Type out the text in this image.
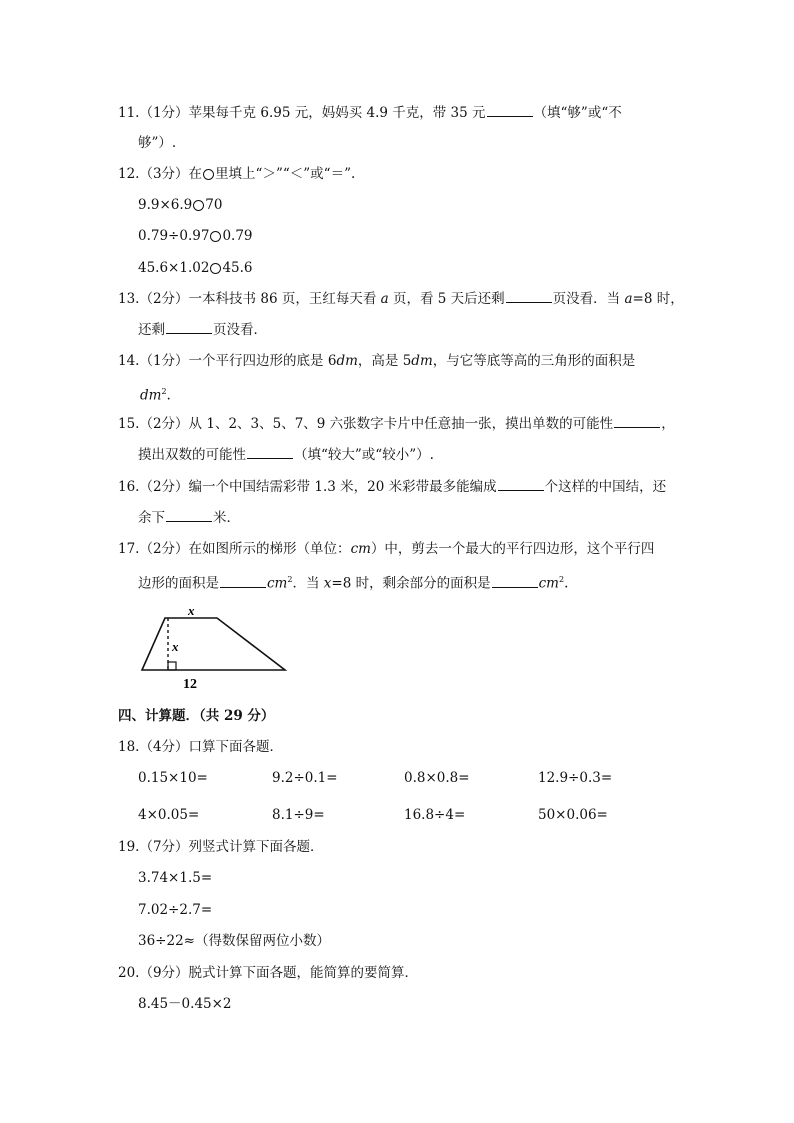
11.（1分）苹果每千克 6.95 元，妈妈买 4.9 千克，带 35 元	（填“够”或“不
够”）.
12.（3分）在 里填上“＞”“＜”或“＝”.
9.9×6.9 70
0.79÷0.97 0.79
45.6×1.02 45.6
13.（2分）一本科技书 86 页，王红每天看 a 页，看 5 天后还剩	页没看．当 a=8 时，
还剩	页没看．
14.（1分）一个平行四边形的底是 6dm，高是 5dm，与它等底等高的三角形的面积是
$dm^2$.
15.（2分）从 1、2、3、5、7、9 六张数字卡片中任意抽一张，摸出单数的可能性	，
摸出双数的可能性	（填“较大”或“较小”）.
16.（2分）编一个中国结需彩带 1.3 米，20 米彩带最多能编成	个这样的中国结，还
余下	米．
17.（2分）在如图所示的梯形（单位：cm）中，剪去一个最大的平行四边形，这个平行四
边形的面积是	$cm^2$．当 x=8 时，剩余部分的面积是	$cm^2$.
x
x
12
四、计算题．（共 29 分）
18.（4分）口算下面各题．
0.15×10=	9.2÷0.1=	0.8×0.8=	12.9÷0.3=
4×0.05=	8.1÷9=	16.8÷4=	50×0.06=
19.（7分）列竖式计算下面各题．
3.74×1.5=
7.02÷2.7=
36÷22≈（得数保留两位小数）
20.（9分）脱式计算下面各题，能简算的要简算．
8.45－0.45×2
